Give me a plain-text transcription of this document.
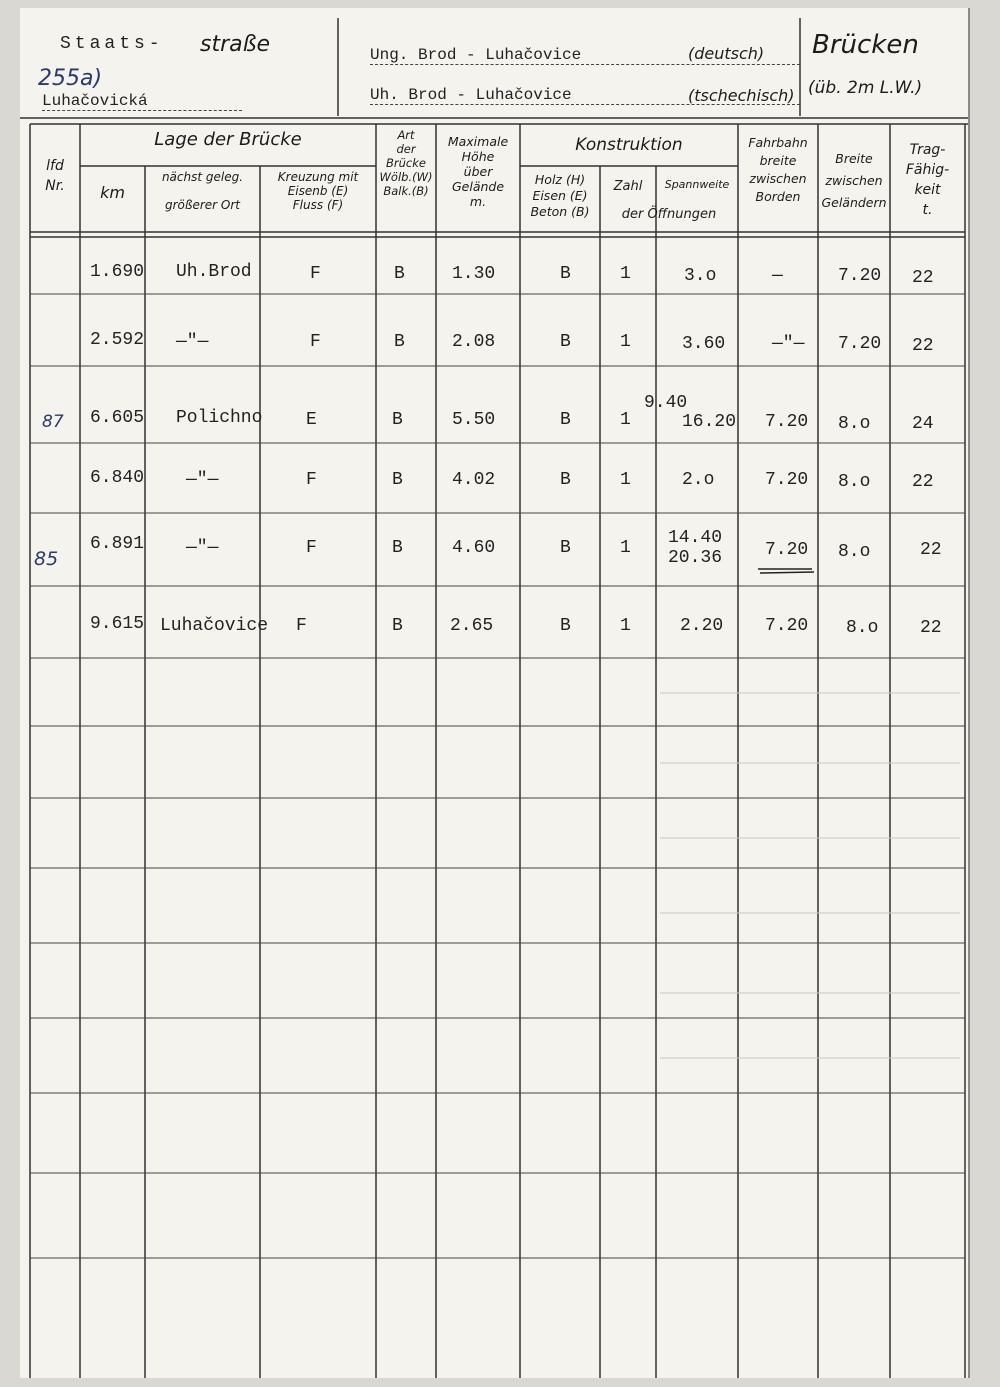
Staats- straße
255a)
Luhačovická
Ung. Brod - Luhačovice	(deutsch)
Uh. Brod - Luhačovice	(tschechisch)
Brücken
(üb. 2m L.W.)
lfd
Nr.
Lage der Brücke
km
nächst geleg.

größerer Ort
Kreuzung mit
Eisenb (E)
Fluss (F)
Art
der
Brücke
Wölb.(W)
Balk.(B)

Maximale
Höhe
über
Gelände
m.
Konstruktion
Holz (H)
Eisen (E)
Beton (B)
Zahl	Spannweite
der Öffnungen
Fahrbahn
breite
zwischen
Borden
Breite
zwischen
Geländern
Trag-
Fähig-
keit
t.
1.690 Uh.Brod	F	B	1.30	B	1	3.o	—	7.20 22
2.592 —"—	F	B	2.08	B	1	3.60	—"— 7.20 22
87 6.605 Polichno E	B	5.50	B	1
9.40
16.20 7.20 8.o 24
6.840 —"—	F	B	4.02	B	1	2.o	7.20 8.o 22
85
6.891 —"—	F	B	4.60	B	1 14.40
20.36 7.20 8.o	22
9.615 Luhačovice F	B	2.65	B	1	2.20 7.20 8.o 22
